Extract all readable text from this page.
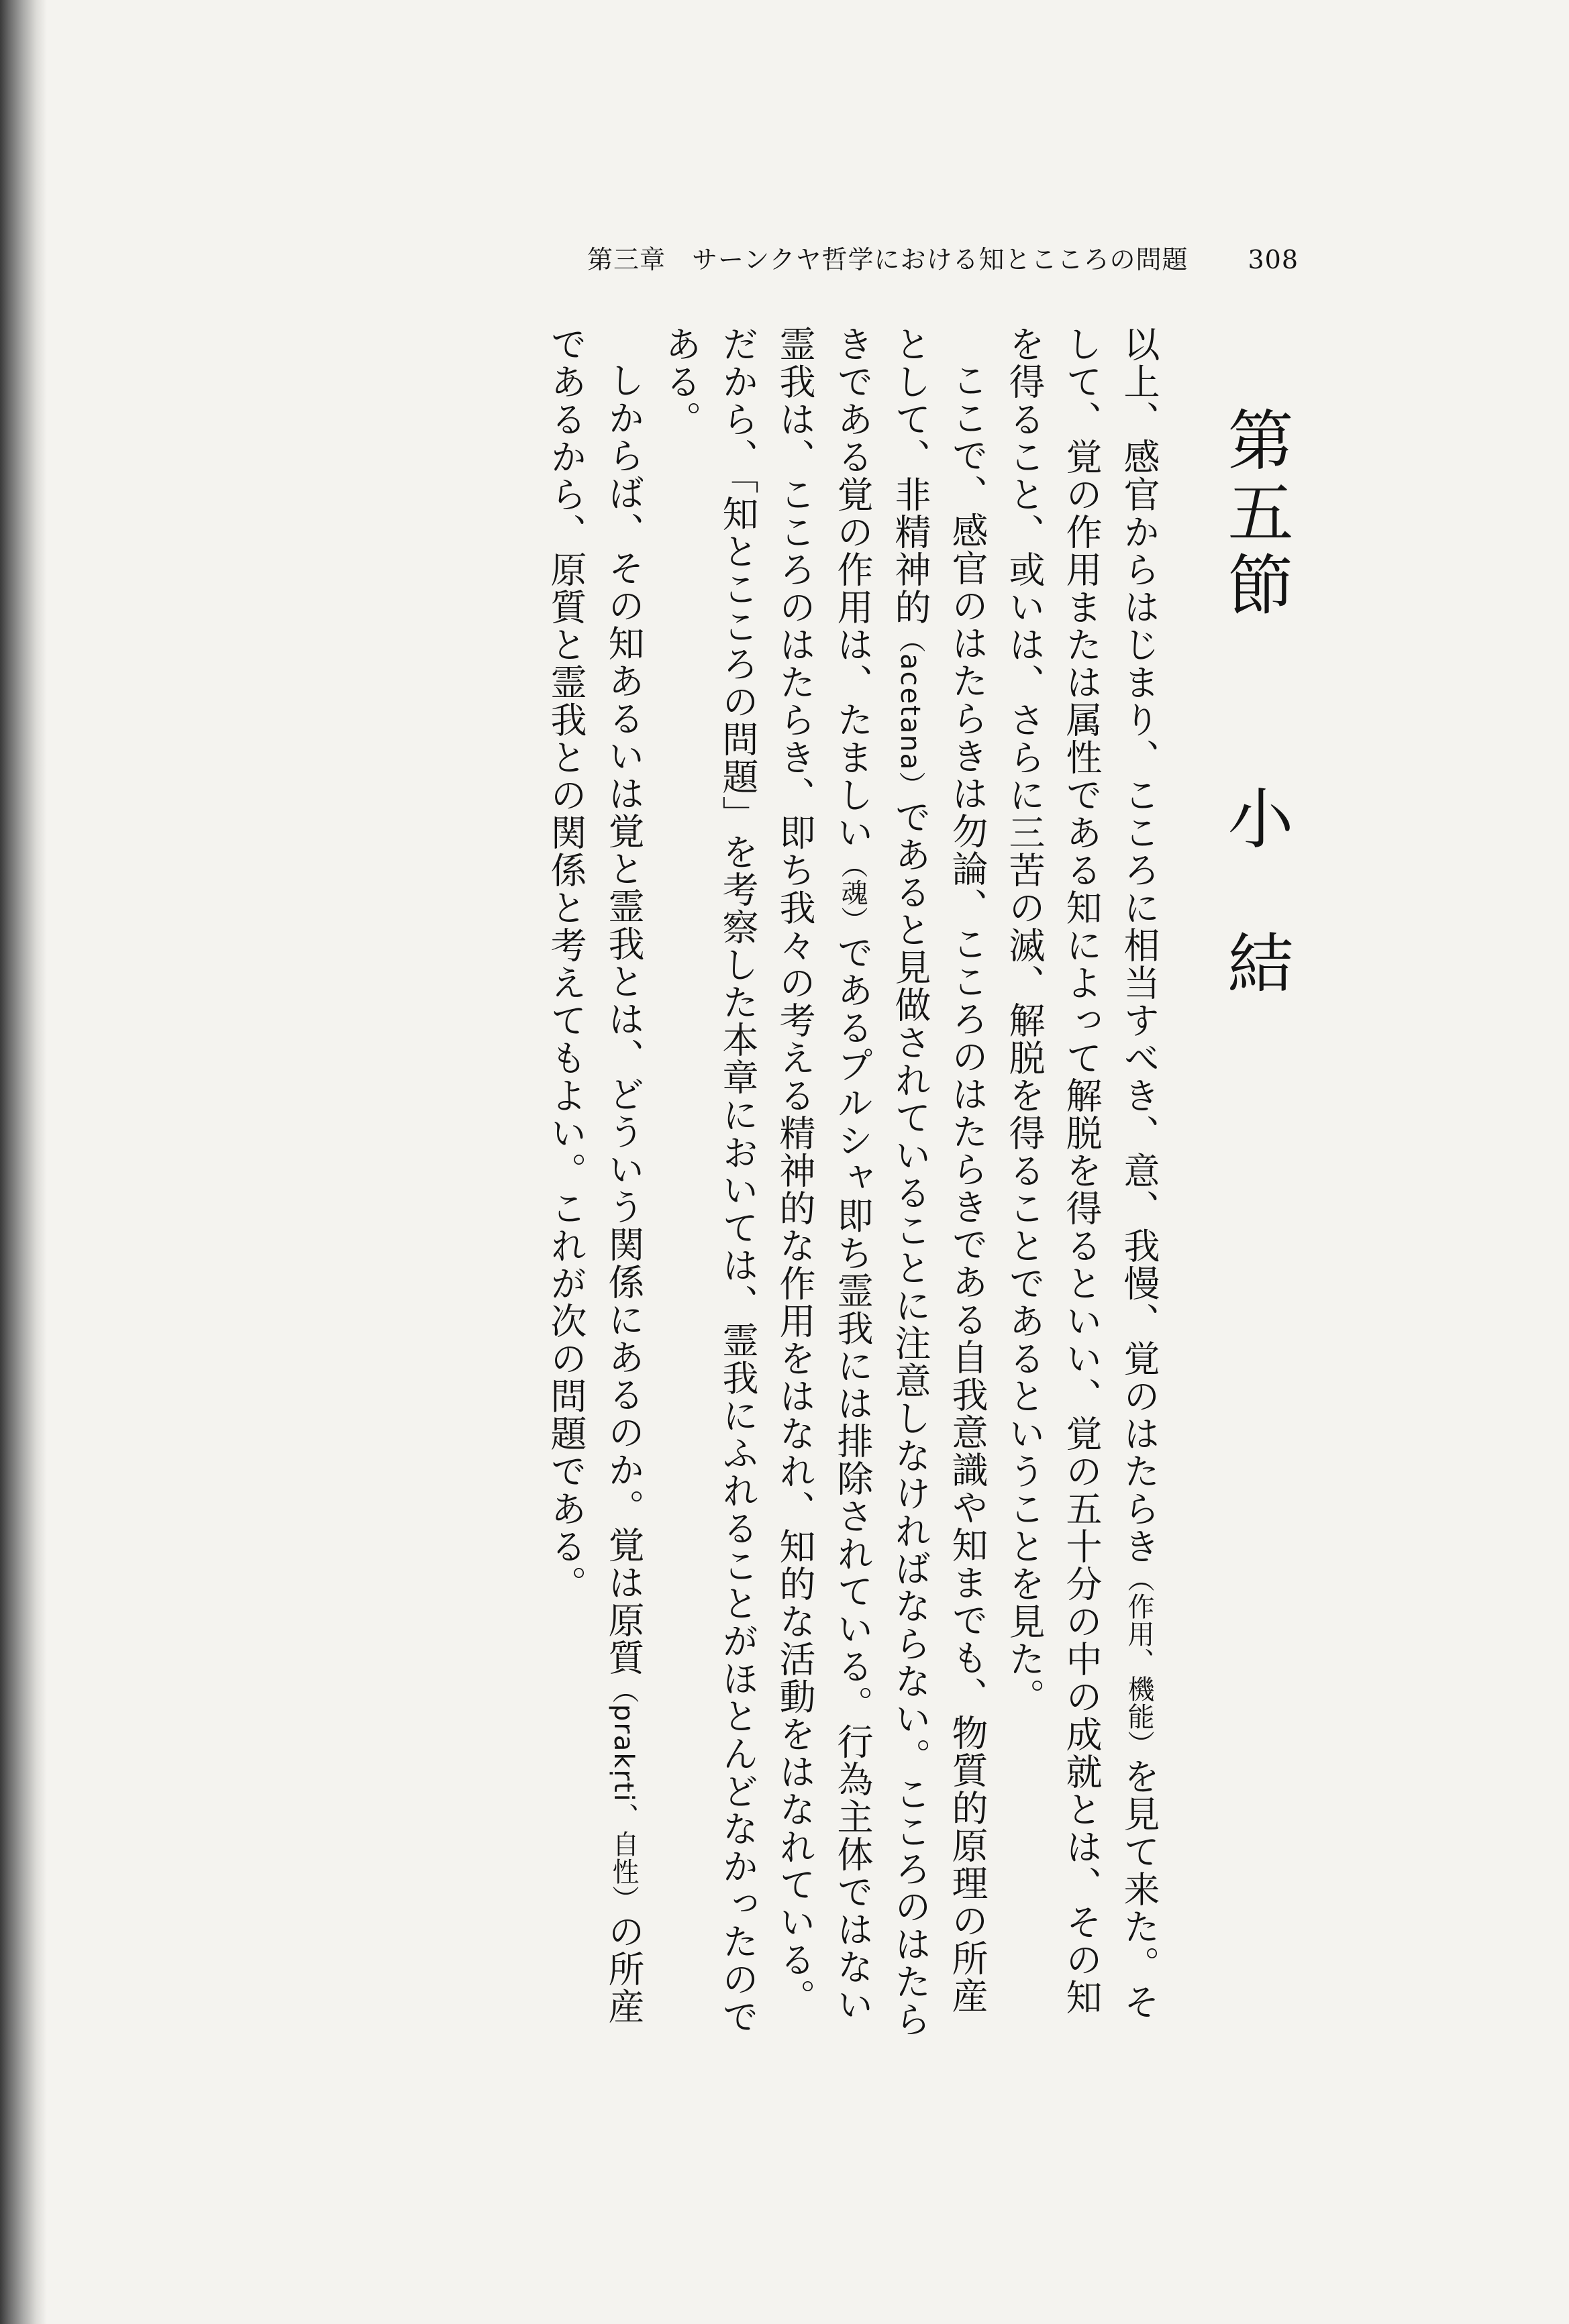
第三章　サーンクヤ哲学における知とこころの問題 308
第五節小　結

以上、感官からはじまり、こころに相当すべき、意、我慢、覚のはたらき（作用、機能）を見て来た。そして、覚の作用または属性である知によって解脱を得るといい、覚の五十分の中の成就とは、その知を得ること、或いは、さらに三苦の滅、解脱を得ることであるということを見た。

ここで、感官のはたらきは勿論、こころのはたらきである自我意識や知までも、物質的原理の所産として、非精神的（acetana）であると見做されていることに注意しなければならない。こころのはたらきである覚の作用は、たましい（魂）であるプルシャ即ち霊我には排除されている。行為主体ではない霊我は、こころのはたらき、即ち我々の考える精神的な作用をはなれ、知的な活動をはなれている。だから、「知とこころの問題」を考察した本章においては、霊我にふれることがほとんどなかったのである。

しからば、その知あるいは覚と霊我とは、どういう関係にあるのか。覚は原質（prakṛti、自性）の所産であるから、原質と霊我との関係と考えてもよい。これが次の問題である。
